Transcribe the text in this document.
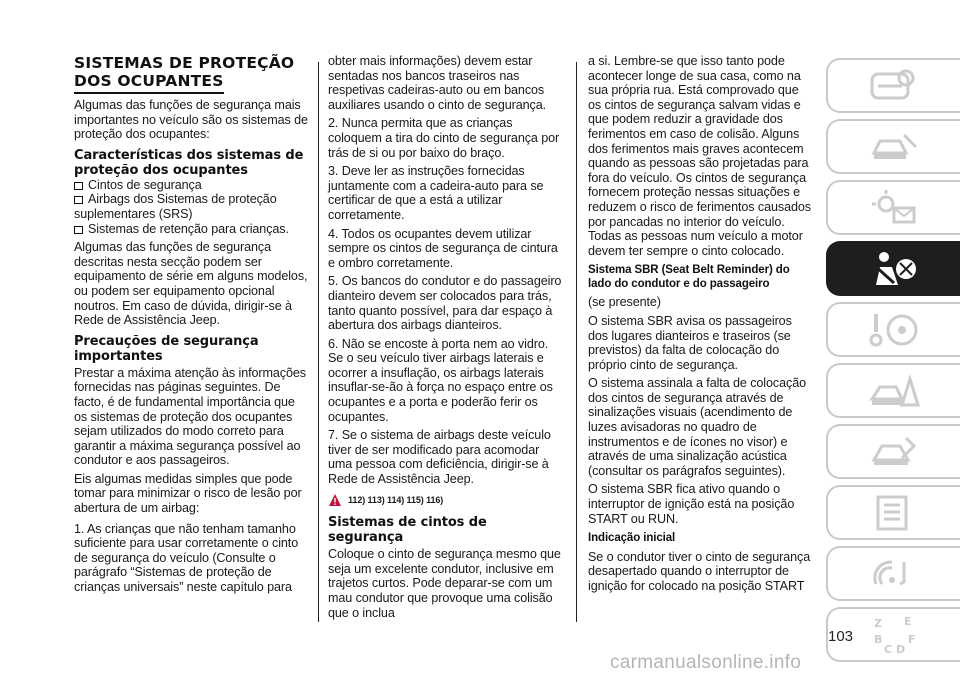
SISTEMAS DE PROTEÇÃO
DOS OCUPANTES

Algumas das funções de segurança mais importantes no veículo são os sistemas de proteção dos ocupantes:

Características dos sistemas de proteção dos ocupantes
Cintos de segurança
Airbags dos Sistemas de proteção suplementares (SRS)
Sistemas de retenção para crianças.

Algumas das funções de segurança descritas nesta secção podem ser equipamento de série em alguns modelos, ou podem ser equipamento opcional noutros. Em caso de dúvida, dirigir-se à Rede de Assistência Jeep.

Precauções de segurança importantes

Prestar a máxima atenção às informações fornecidas nas páginas seguintes. De facto, é de fundamental importância que os sistemas de proteção dos ocupantes sejam utilizados do modo correto para garantir a máxima segurança possível ao condutor e aos passageiros.

Eis algumas medidas simples que pode tomar para minimizar o risco de lesão por abertura de um airbag:

1. As crianças que não tenham tamanho suficiente para usar corretamente o cinto de segurança do veículo (Consulte o parágrafo “Sistemas de proteção de crianças universais” neste capítulo para

obter mais informações) devem estar sentadas nos bancos traseiros nas respetivas cadeiras-auto ou em bancos auxiliares usando o cinto de segurança.

2. Nunca permita que as crianças coloquem a tira do cinto de segurança por trás de si ou por baixo do braço.

3. Deve ler as instruções fornecidas juntamente com a cadeira-auto para se certificar de que a está a utilizar corretamente.

4. Todos os ocupantes devem utilizar sempre os cintos de segurança de cintura e ombro corretamente.

5. Os bancos do condutor e do passageiro dianteiro devem ser colocados para trás, tanto quanto possível, para dar espaço à abertura dos airbags dianteiros.

6. Não se encoste à porta nem ao vidro. Se o seu veículo tiver airbags laterais e ocorrer a insuflação, os airbags laterais insuflar-se-ão à força no espaço entre os ocupantes e a porta e poderão ferir os ocupantes.

7. Se o sistema de airbags deste veículo tiver de ser modificado para acomodar uma pessoa com deficiência, dirigir-se à Rede de Assistência Jeep.

112) 113) 114) 115) 116)
Sistemas de cintos de segurança

Coloque o cinto de segurança mesmo que seja um excelente condutor, inclusive em trajetos curtos. Pode deparar-se com um mau condutor que provoque uma colisão que o inclua

a si. Lembre-se que isso tanto pode acontecer longe de sua casa, como na sua própria rua. Está comprovado que os cintos de segurança salvam vidas e que podem reduzir a gravidade dos ferimentos em caso de colisão. Alguns dos ferimentos mais graves acontecem quando as pessoas são projetadas para fora do veículo. Os cintos de segurança fornecem proteção nessas situações e reduzem o risco de ferimentos causados por pancadas no interior do veículo. Todas as pessoas num veículo a motor devem ter sempre o cinto colocado.

Sistema SBR (Seat Belt Reminder) do lado do condutor e do passageiro

(se presente)

O sistema SBR avisa os passageiros dos lugares dianteiros e traseiros (se previstos) da falta de colocação do próprio cinto de segurança.

O sistema assinala a falta de colocação dos cintos de segurança através de sinalizações visuais (acendimento de luzes avisadoras no quadro de instrumentos e de ícones no visor) e através de uma sinalização acústica (consultar os parágrafos seguintes).

O sistema SBR fica ativo quando o interruptor de ignição está na posição START ou RUN.

Indicação inicial

Se o condutor tiver o cinto de segurança desapertado quando o interruptor de ignição for colocado na posição START

Z E
B F
C D
103
carmanualsonline.info
